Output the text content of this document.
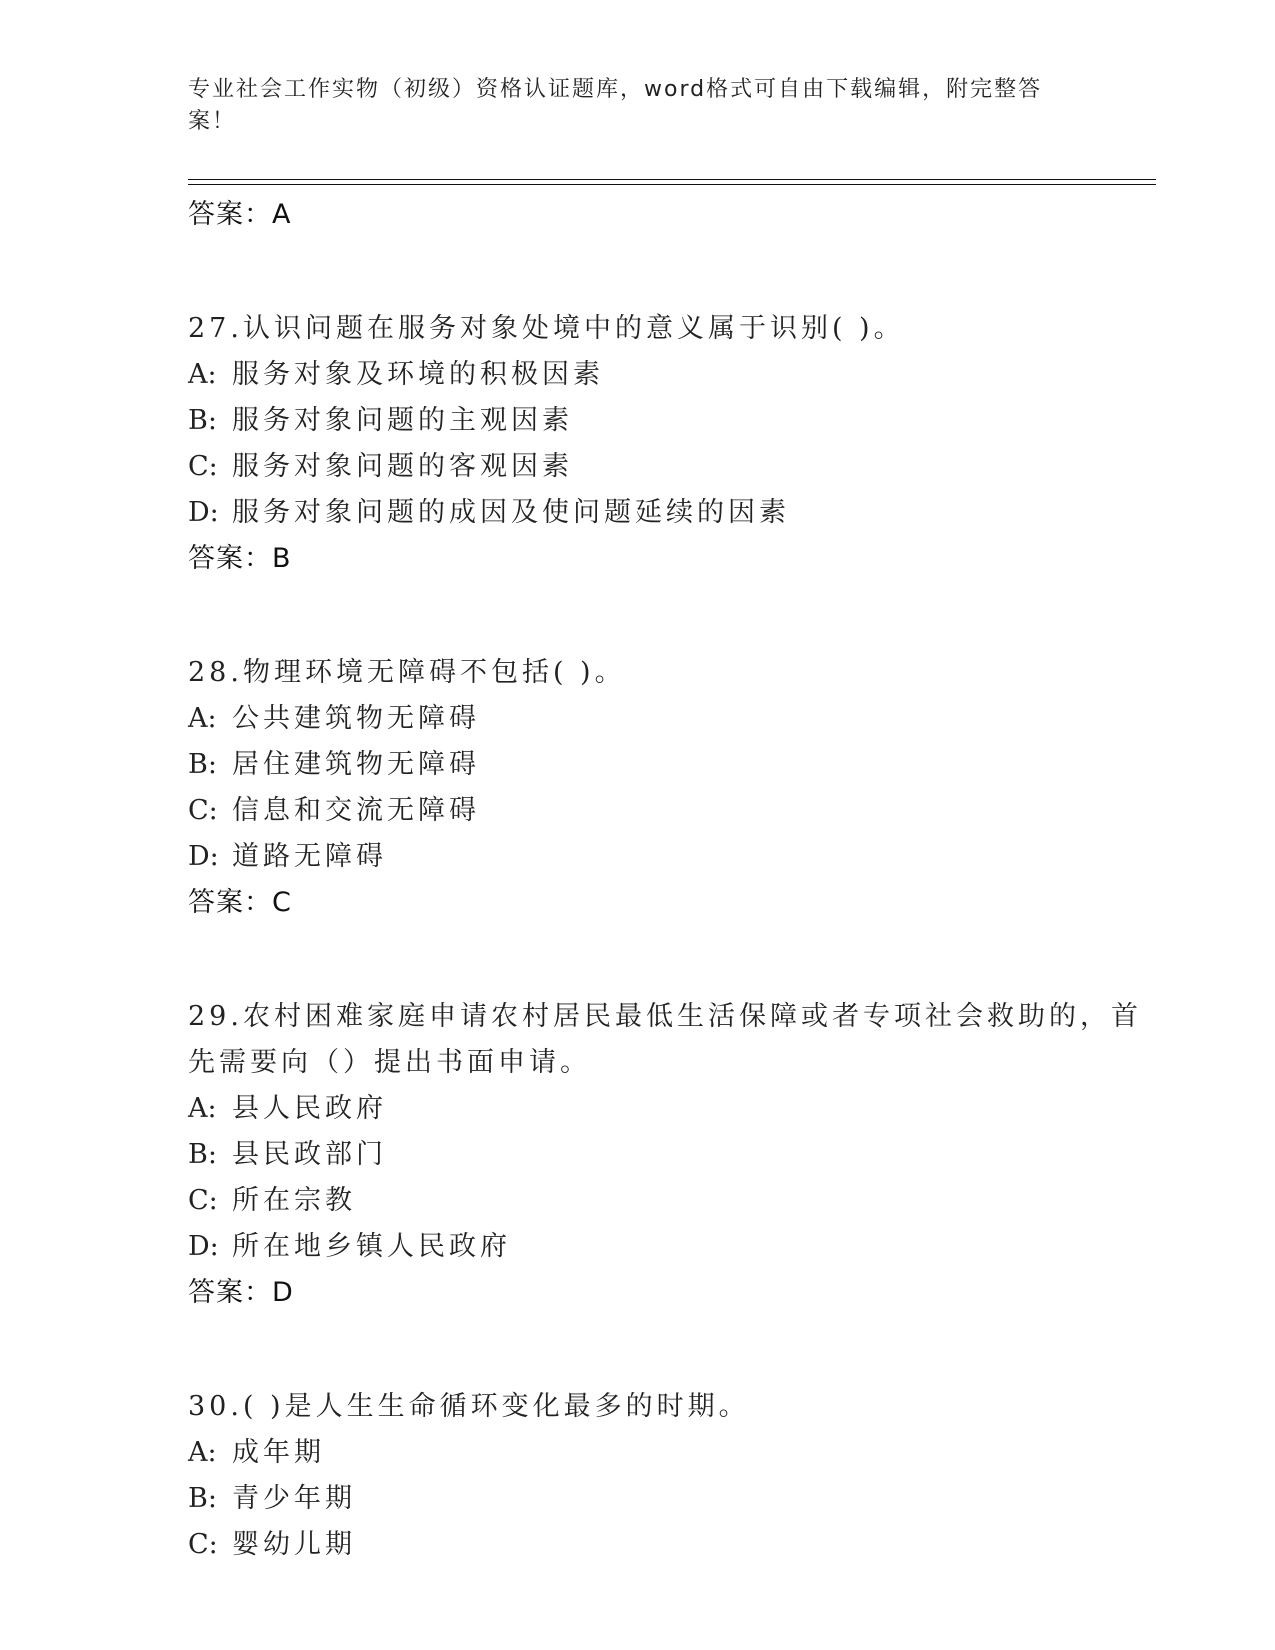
专业社会工作实物（初级）资格认证题库，word格式可自由下载编辑，附完整答
案！
答案：A
27.认识问题在服务对象处境中的意义属于识别( )。
A: 服务对象及环境的积极因素
B: 服务对象问题的主观因素
C: 服务对象问题的客观因素
D: 服务对象问题的成因及使问题延续的因素
答案：B
28.物理环境无障碍不包括( )。
A: 公共建筑物无障碍
B: 居住建筑物无障碍
C: 信息和交流无障碍
D: 道路无障碍
答案：C
29.农村困难家庭申请农村居民最低生活保障或者专项社会救助的，首
先需要向（）提出书面申请。
A: 县人民政府
B: 县民政部门
C: 所在宗教
D: 所在地乡镇人民政府
答案：D
30.( )是人生生命循环变化最多的时期。
A: 成年期
B: 青少年期
C: 婴幼儿期
